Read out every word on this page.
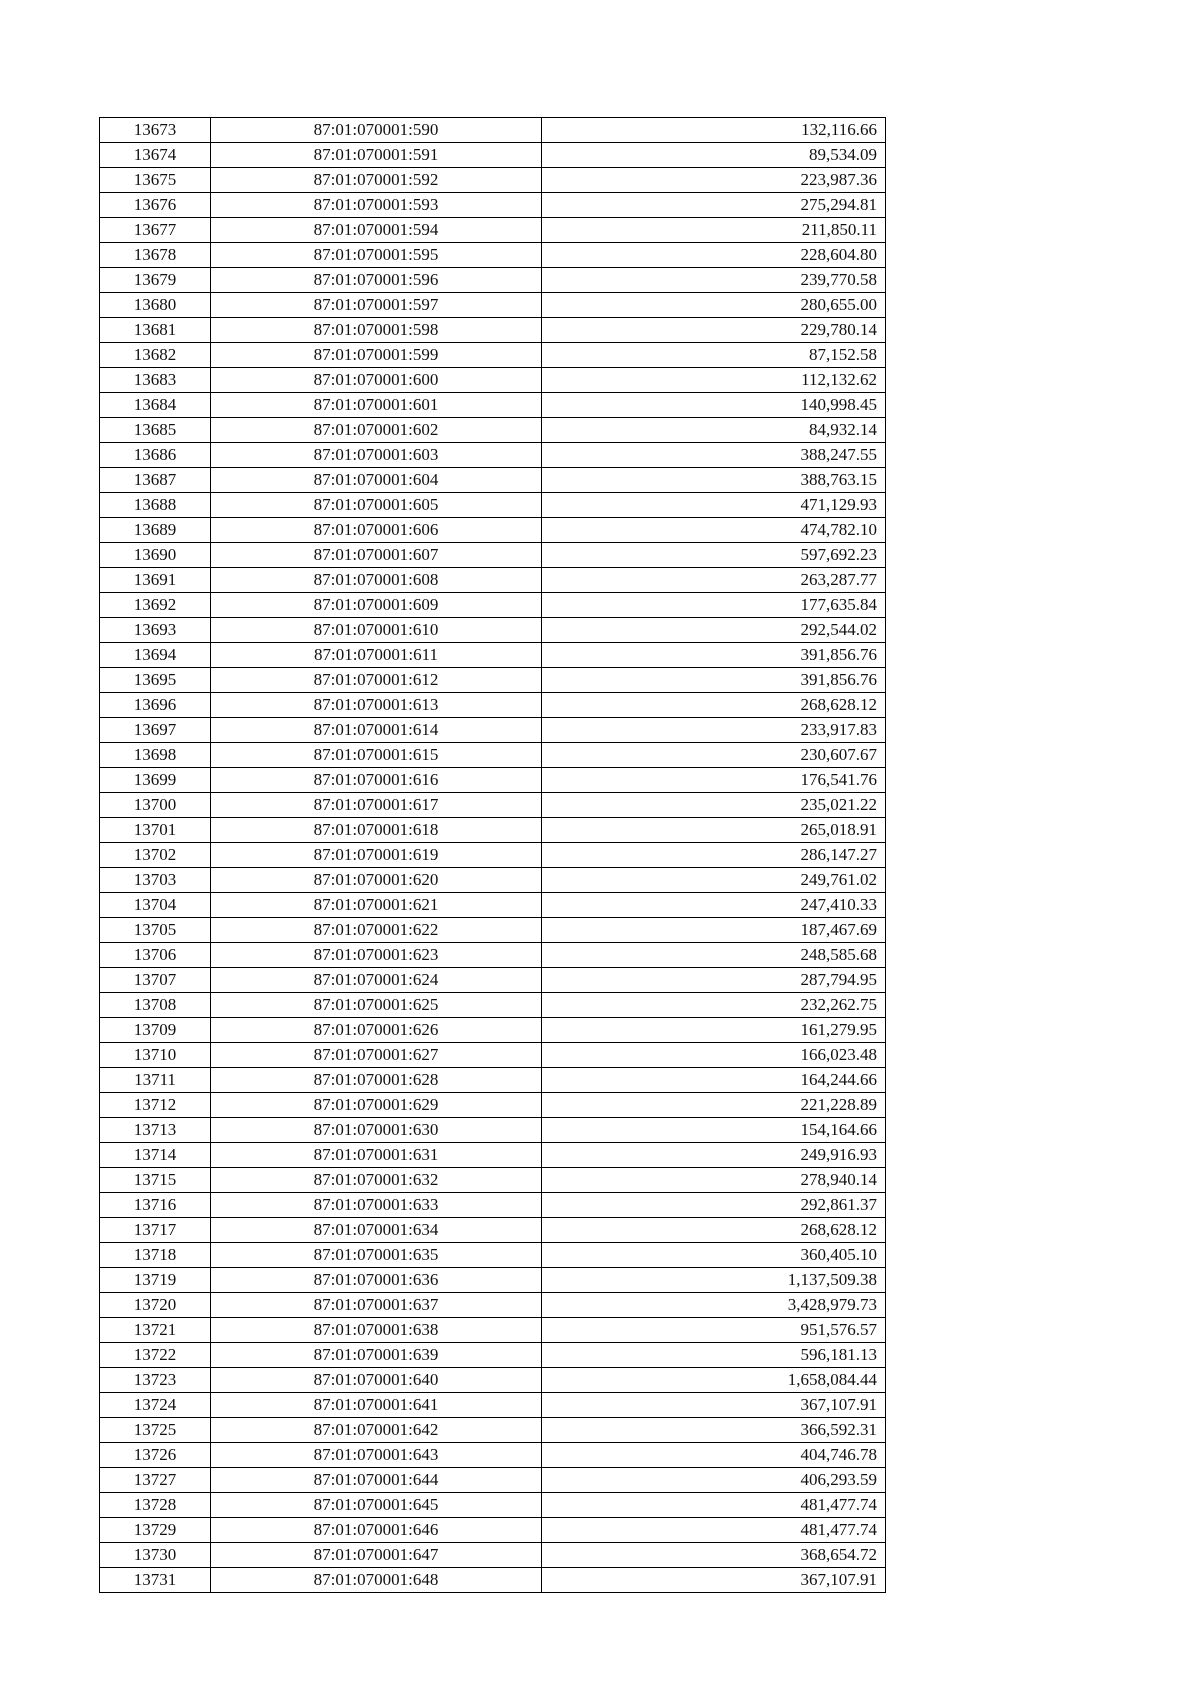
13673	87:01:070001:590	132,116.66
13674	87:01:070001:591	89,534.09
13675	87:01:070001:592	223,987.36
13676	87:01:070001:593	275,294.81
13677	87:01:070001:594	211,850.11
13678	87:01:070001:595	228,604.80
13679	87:01:070001:596	239,770.58
13680	87:01:070001:597	280,655.00
13681	87:01:070001:598	229,780.14
13682	87:01:070001:599	87,152.58
13683	87:01:070001:600	112,132.62
13684	87:01:070001:601	140,998.45
13685	87:01:070001:602	84,932.14
13686	87:01:070001:603	388,247.55
13687	87:01:070001:604	388,763.15
13688	87:01:070001:605	471,129.93
13689	87:01:070001:606	474,782.10
13690	87:01:070001:607	597,692.23
13691	87:01:070001:608	263,287.77
13692	87:01:070001:609	177,635.84
13693	87:01:070001:610	292,544.02
13694	87:01:070001:611	391,856.76
13695	87:01:070001:612	391,856.76
13696	87:01:070001:613	268,628.12
13697	87:01:070001:614	233,917.83
13698	87:01:070001:615	230,607.67
13699	87:01:070001:616	176,541.76
13700	87:01:070001:617	235,021.22
13701	87:01:070001:618	265,018.91
13702	87:01:070001:619	286,147.27
13703	87:01:070001:620	249,761.02
13704	87:01:070001:621	247,410.33
13705	87:01:070001:622	187,467.69
13706	87:01:070001:623	248,585.68
13707	87:01:070001:624	287,794.95
13708	87:01:070001:625	232,262.75
13709	87:01:070001:626	161,279.95
13710	87:01:070001:627	166,023.48
13711	87:01:070001:628	164,244.66
13712	87:01:070001:629	221,228.89
13713	87:01:070001:630	154,164.66
13714	87:01:070001:631	249,916.93
13715	87:01:070001:632	278,940.14
13716	87:01:070001:633	292,861.37
13717	87:01:070001:634	268,628.12
13718	87:01:070001:635	360,405.10
13719	87:01:070001:636	1,137,509.38
13720	87:01:070001:637	3,428,979.73
13721	87:01:070001:638	951,576.57
13722	87:01:070001:639	596,181.13
13723	87:01:070001:640	1,658,084.44
13724	87:01:070001:641	367,107.91
13725	87:01:070001:642	366,592.31
13726	87:01:070001:643	404,746.78
13727	87:01:070001:644	406,293.59
13728	87:01:070001:645	481,477.74
13729	87:01:070001:646	481,477.74
13730	87:01:070001:647	368,654.72
13731	87:01:070001:648	367,107.91
